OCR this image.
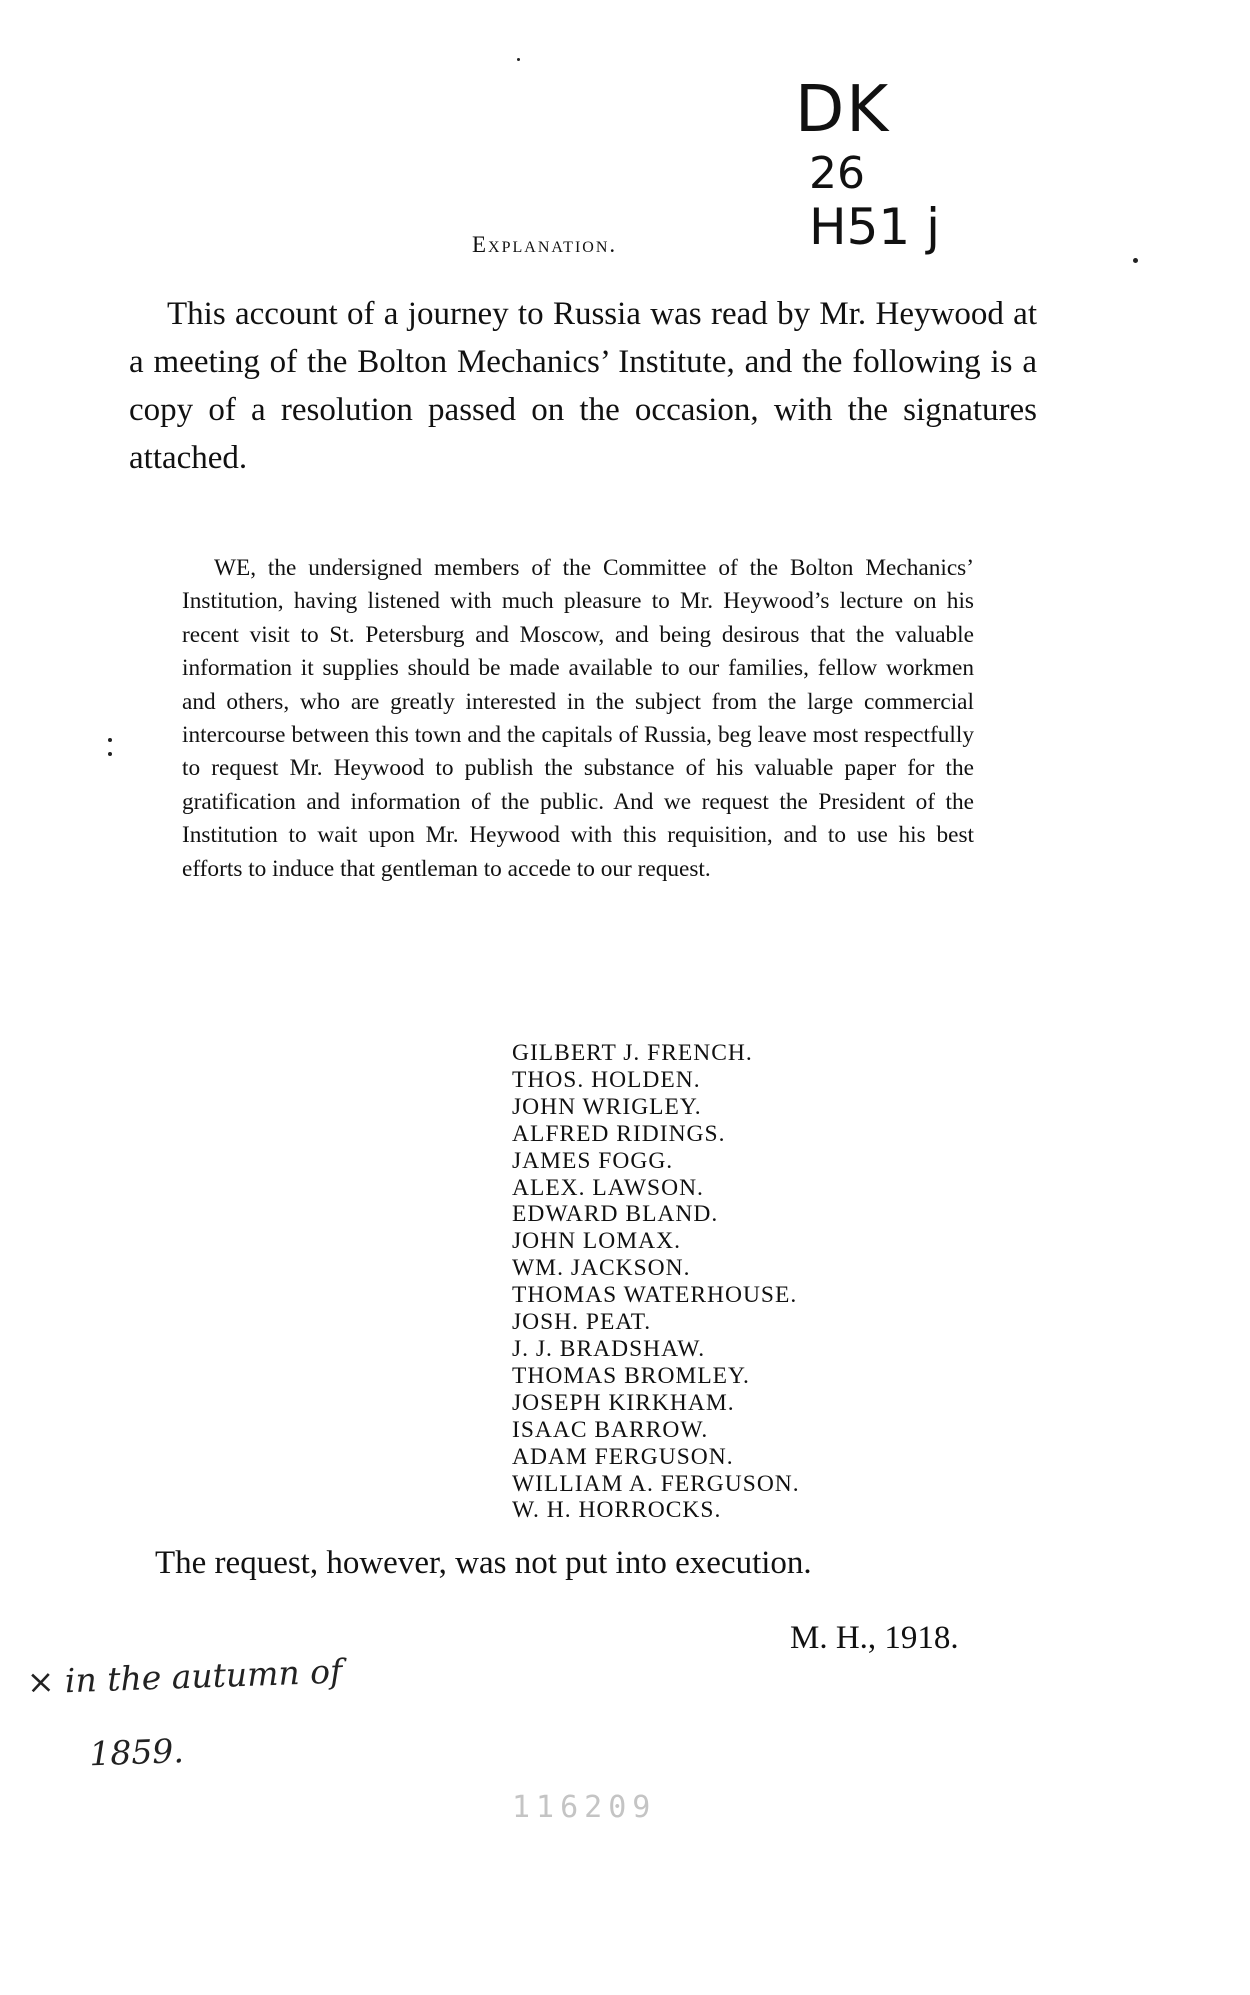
DK
26
H51 j
Explanation.

This account of a journey to Russia was read by Mr. Heywood at a meeting of the Bolton Mechanics’ Institute, and the following is a copy of a resolution passed on the occasion, with the signatures attached.

WE, the undersigned members of the Committee of the Bolton Mechanics’ Institution, having listened with much pleasure to Mr. Heywood’s lecture on his recent visit to St. Petersburg and Moscow, and being desirous that the valuable information it supplies should be made available to our families, fellow workmen and others, who are greatly interested in the subject from the large commercial intercourse between this town and the capitals of Russia, beg leave most respectfully to request Mr. Heywood to publish the substance of his valuable paper for the gratification and information of the public. And we request the President of the Institution to wait upon Mr. Heywood with this requisition, and to use his best efforts to induce that gentleman to accede to our request.

GILBERT J. FRENCH.
THOS. HOLDEN.
JOHN WRIGLEY.
ALFRED RIDINGS.
JAMES FOGG.
ALEX. LAWSON.
EDWARD BLAND.
JOHN LOMAX.
WM. JACKSON.
THOMAS WATERHOUSE.
JOSH. PEAT.
J. J. BRADSHAW.
THOMAS BROMLEY.
JOSEPH KIRKHAM.
ISAAC BARROW.
ADAM FERGUSON.
WILLIAM A. FERGUSON.
W. H. HORROCKS.
The request, however, was not put into execution.
M. H., 1918.
× in the autumn of
1859.
116209
